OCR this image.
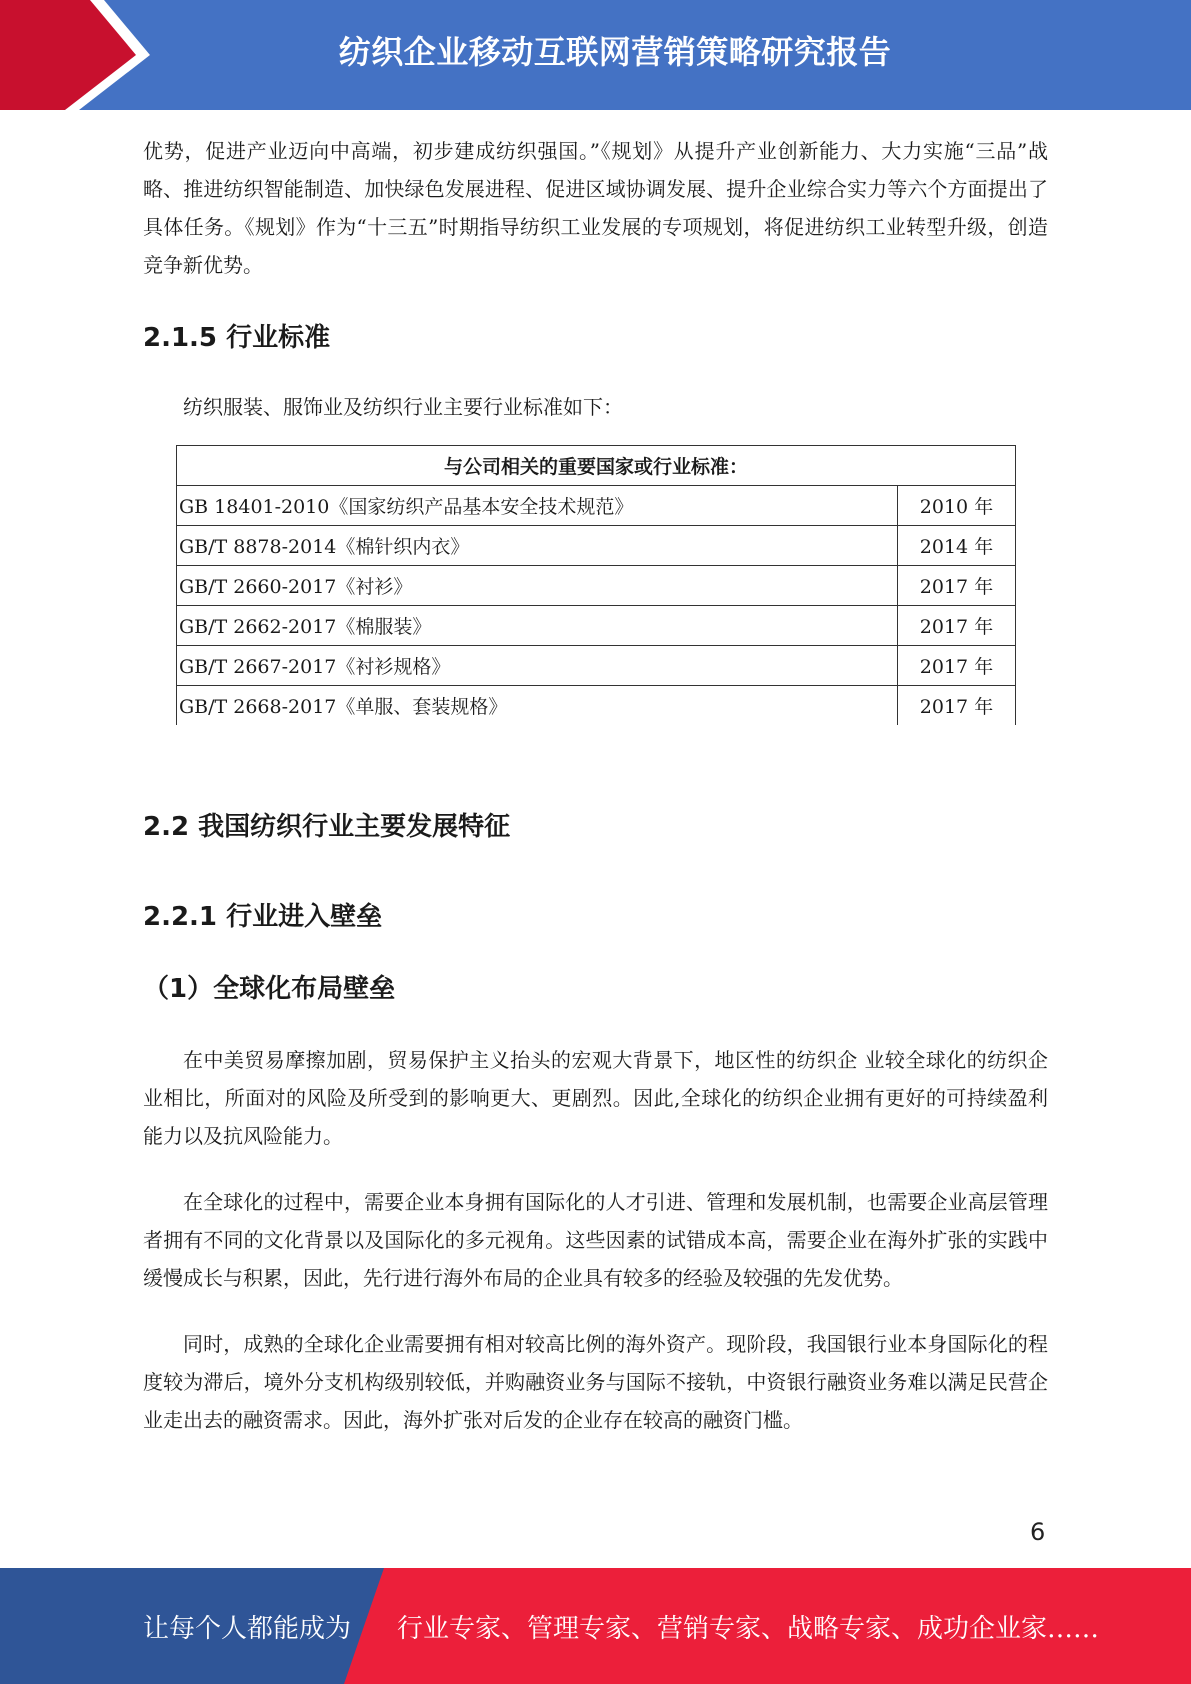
纺织企业移动互联网营销策略研究报告

优势，促进产业迈向中高端，初步建成纺织强国。”《规划》从提升产业创新能力、大力实施“三品”战略、推进纺织智能制造、加快绿色发展进程、促进区域协调发展、提升企业综合实力等六个方面提出了具体任务。《规划》作为“十三五”时期指导纺织工业发展的专项规划，将促进纺织工业转型升级，创造竞争新优势。

2.1.5 行业标准

纺织服装、服饰业及纺织行业主要行业标准如下：

与公司相关的重要国家或行业标准：	
GB 18401-2010《国家纺织产品基本安全技术规范》	2010 年
GB/T 8878-2014《棉针织内衣》	2014 年
GB/T 2660-2017《衬衫》	2017 年
GB/T 2662-2017《棉服装》	2017 年
GB/T 2667-2017《衬衫规格》	2017 年
GB/T 2668-2017《单服、套装规格》	2017 年
2.2 我国纺织行业主要发展特征
2.2.1 行业进入壁垒
（1）全球化布局壁垒

在中美贸易摩擦加剧，贸易保护主义抬头的宏观大背景下，地区性的纺织企 业较全球化的纺织企业相比，所面对的风险及所受到的影响更大、更剧烈。因此,全球化的纺织企业拥有更好的可持续盈利能力以及抗风险能力。

在全球化的过程中，需要企业本身拥有国际化的人才引进、管理和发展机制，也需要企业高层管理者拥有不同的文化背景以及国际化的多元视角。这些因素的试错成本高，需要企业在海外扩张的实践中缓慢成长与积累，因此，先行进行海外布局的企业具有较多的经验及较强的先发优势。

同时，成熟的全球化企业需要拥有相对较高比例的海外资产。现阶段，我国银行业本身国际化的程度较为滞后，境外分支机构级别较低，并购融资业务与国际不接轨，中资银行融资业务难以满足民营企业走出去的融资需求。因此，海外扩张对后发的企业存在较高的融资门槛。

6
让每个人都能成为 行业专家、管理专家、营销专家、战略专家、成功企业家……
